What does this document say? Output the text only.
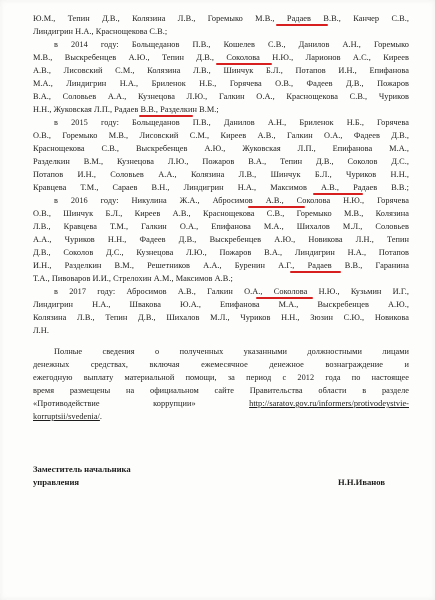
Ю.М., Тепин Д.В., Колязина Л.В., Горемыко М.В., Радаев В.В., Канчер С.В.,
Линдигрин Н.А., Краснощекова С.В.;
в 2014 году: Больщеданов П.В., Кошелев С.В., Данилов А.Н., Горемыко
М.В., Выскребенцев А.Ю., Тепин Д.В., Соколова Н.Ю., Ларионов А.С., Киреев
А.В., Лисовский С.М., Колязина Л.В., Шинчук Б.Л., Потапов И.Н., Епифанова
М.А., Линдигрин Н.А., Бриленок Н.Б., Горячева О.В., Фадеев Д.В., Пожаров
В.А., Соловьев А.А., Кузнецова Л.Ю., Галкин О.А., Краснощекова С.В., Чуриков
Н.Н., Жуковская Л.П., Радаев В.В., Разделкин В.М.;
в 2015 году: Больщеданов П.В., Данилов А.Н., Бриленок Н.Б., Горячева
О.В., Горемыко М.В., Лисовский С.М., Киреев А.В., Галкин О.А., Фадеев Д.В.,
Краснощекова С.В., Выскребенцев А.Ю., Жуковская Л.П., Епифанова М.А.,
Разделкин В.М., Кузнецова Л.Ю., Пожаров В.А., Тепин Д.В., Соколов Д.С.,
Потапов И.Н., Соловьев А.А., Колязина Л.В., Шинчук Б.Л., Чуриков Н.Н.,
Кравцева Т.М., Сараев В.Н., Линдигрин Н.А., Максимов А.В., Радаев В.В.;
в 2016 году: Никулина Ж.А., Абросимов А.В., Соколова Н.Ю., Горячева
О.В., Шинчук Б.Л., Киреев А.В., Краснощекова С.В., Горемыко М.В., Колязина
Л.В., Кравцева Т.М., Галкин О.А., Епифанова М.А., Шихалов М.Л., Соловьев
А.А., Чуриков Н.Н., Фадеев Д.В., Выскребенцев А.Ю., Новикова Л.Н., Тепин
Д.В., Соколов Д.С., Кузнецова Л.Ю., Пожаров В.А., Линдигрин Н.А., Потапов
И.Н., Разделкин В.М., Решетников А.А., Буренин А.Г., Радаев В.В., Гаранина
Т.А., Пивоваров И.И., Стрелохин А.М., Максимов А.В.;
в 2017 году: Абросимов А.В., Галкин О.А., Соколова Н.Ю., Кузьмин И.Г.,
Линдигрин Н.А., Швакова Ю.А., Епифанова М.А., Выскребенцев А.Ю.,
Колязина Л.В., Тепин Д.В., Шихалов М.Л., Чуриков Н.Н., Зюзин С.Ю., Новикова
Л.Н.
Полные сведения о полученных указанными должностными лицами
денежных средствах, включая ежемесячное денежное вознаграждение и
ежегодную выплату материальной помощи, за период с 2012 года по настоящее
время размещены на официальном сайте Правительства области в разделе
«Противодействие коррупции»	http://saratov.gov.ru/informers/protivodeystvie-
korruptsii/svedenia/.
Заместитель начальника
управления	Н.Н.Иванов
